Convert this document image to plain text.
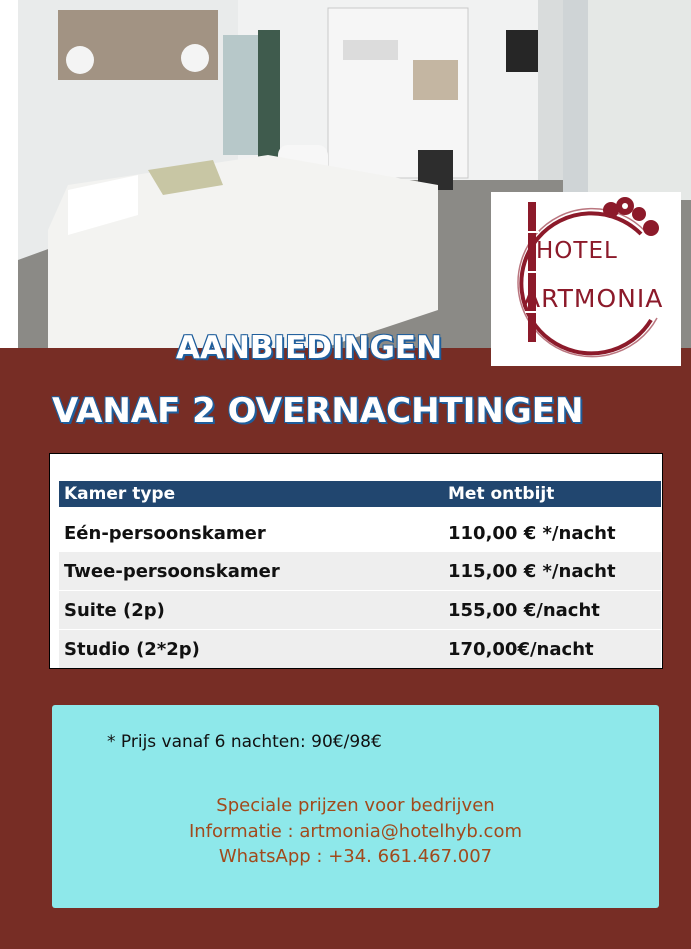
HOTEL
ARTMONIA
AANBIEDINGEN
VANAF 2 OVERNACHTINGEN
Kamer type	Met ontbijt
Eén-persoonskamer	110,00 € */nacht
Twee-persoonskamer	115,00 € */nacht
Suite (2p)	155,00 €/nacht
Studio (2*2p)	170,00€/nacht
* Prijs vanaf 6 nachten: 90€/98€
Speciale prijzen voor bedrijven
Informatie : artmonia@hotelhyb.com
WhatsApp : +34. 661.467.007
